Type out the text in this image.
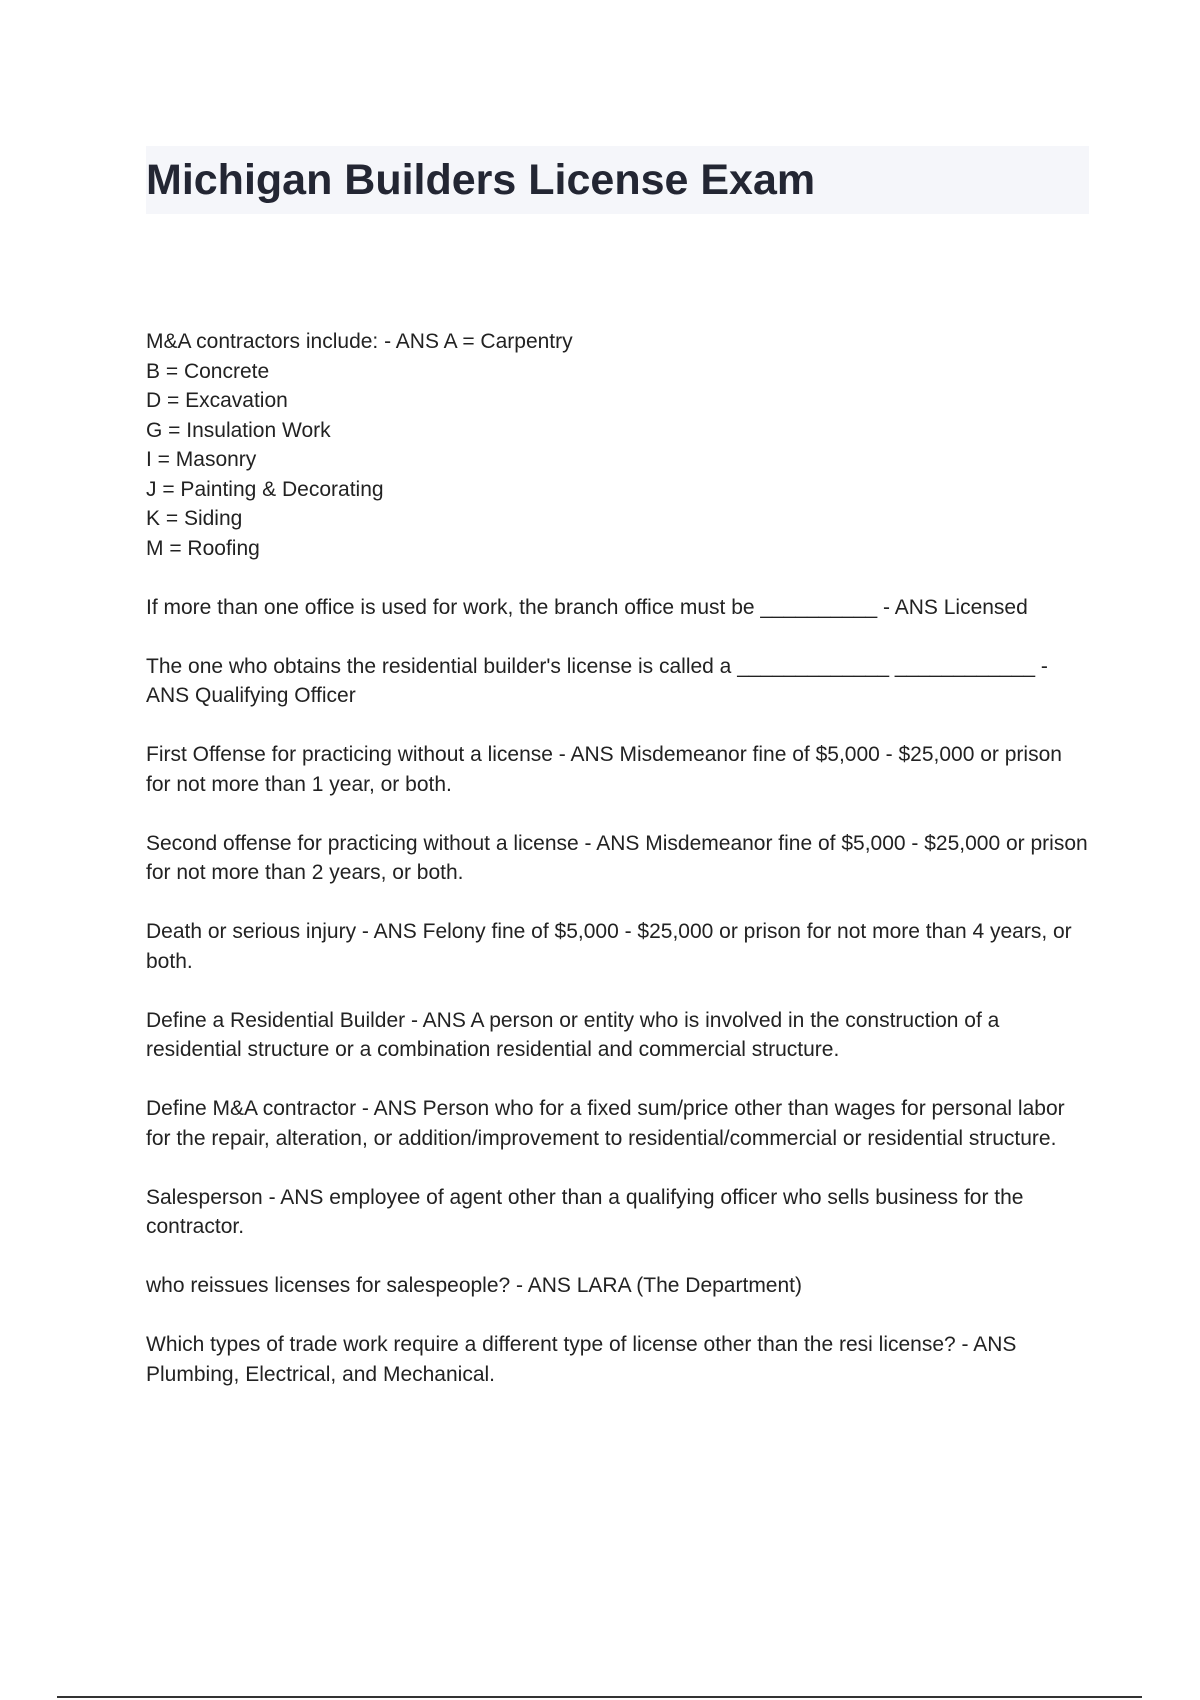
Michigan Builders License Exam
M&A contractors include: - ANS A = Carpentry
B = Concrete
D = Excavation
G = Insulation Work
I = Masonry
J = Painting & Decorating
K = Siding
M = Roofing
If more than one office is used for work, the branch office must be __________ - ANS Licensed
The one who obtains the residential builder's license is called a _____________ ____________ - ANS Qualifying Officer
First Offense for practicing without a license - ANS Misdemeanor fine of $5,000 - $25,000 or prison for not more than 1 year, or both.
Second offense for practicing without a license - ANS Misdemeanor fine of $5,000 - $25,000 or prison for not more than 2 years, or both.
Death or serious injury - ANS Felony fine of $5,000 - $25,000 or prison for not more than 4 years, or both.
Define a Residential Builder - ANS A person or entity who is involved in the construction of a residential structure or a combination residential and commercial structure.
Define M&A contractor - ANS Person who for a fixed sum/price other than wages for personal labor for the repair, alteration, or addition/improvement to residential/commercial or residential structure.
Salesperson - ANS employee of agent other than a qualifying officer who sells business for the contractor.
who reissues licenses for salespeople? - ANS LARA (The Department)
Which types of trade work require a different type of license other than the resi license? - ANS Plumbing, Electrical, and Mechanical.
